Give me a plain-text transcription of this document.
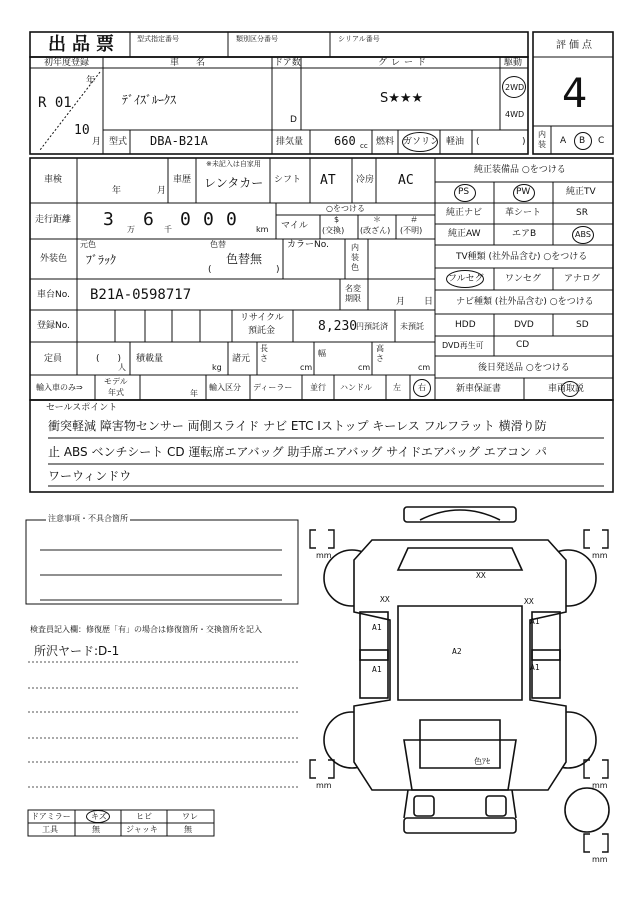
出品票 型式指定番号	類別区分番号	シリアル番号
評価点
4
初年度登録	車　名	ドア数	グレード	駆動
年
R 01
10
月
ﾃﾞｲｽﾞﾙｰｸｽ
D
S★★★
2WD
4WD
型式 DBA-B21A	排気量	660 cc 燃料 ガソリン 軽油 (	)
内装 A B C
車検
年	月
車歴
※未記入は自家用
レンタカー シフト AT 冷房 AC
走行距離 3 万 6 千 0 0 0 km マイル
○をつける
$	＊	＃
(交換) (改ざん) (不明)
外装色
元色	色替
ﾌﾞﾗｯｸ	色替無
(	)
カラーNo.	内装色
車台No. B21A-0598717	名変期限	月 日
登録No.
リサイクル
預託金	8,230
円預託済 未預託
定員	(　　)
人
積載量
kg
諸元
長さ
cm
幅
cm
高さ
cm
輸入車のみ⇒
モデル
年式	年
輸入区分 ディーラー 並行 ハンドル	左 右
純正装備品 ○をつける
PS	PW	純正TV
純正ナビ	革シート	SR
純正AW	エアB	ABS
TV種類 (社外品含む) ○をつける
フルセグ ワンセグ	アナログ
ナビ種類 (社外品含む) ○をつける
HDD	DVD	SD
DVD再生可	CD
後日発送品 ○をつける
新車保証書	車両取説
セールスポイント
衝突軽減 障害物センサー 両側スライド ナビ ETC Iストップ キーレス フルフラット 横滑り防
止 ABS ベンチシート CD 運転席エアバッグ 助手席エアバッグ サイドエアバッグ エアコン パ
ワーウィンドウ
注意事項・不具合箇所
検査員記入欄：修復歴「有」の場合は修復箇所・交換箇所を記入
所沢ヤード:D-1
ドアミラー	キズ	ヒビ	ワレ
工具	無	ジャッキ	無
mm	mm
mm	mm
mm
XX
XX	XX
A1
A1
A2
A1	A1
色ｱｾ
